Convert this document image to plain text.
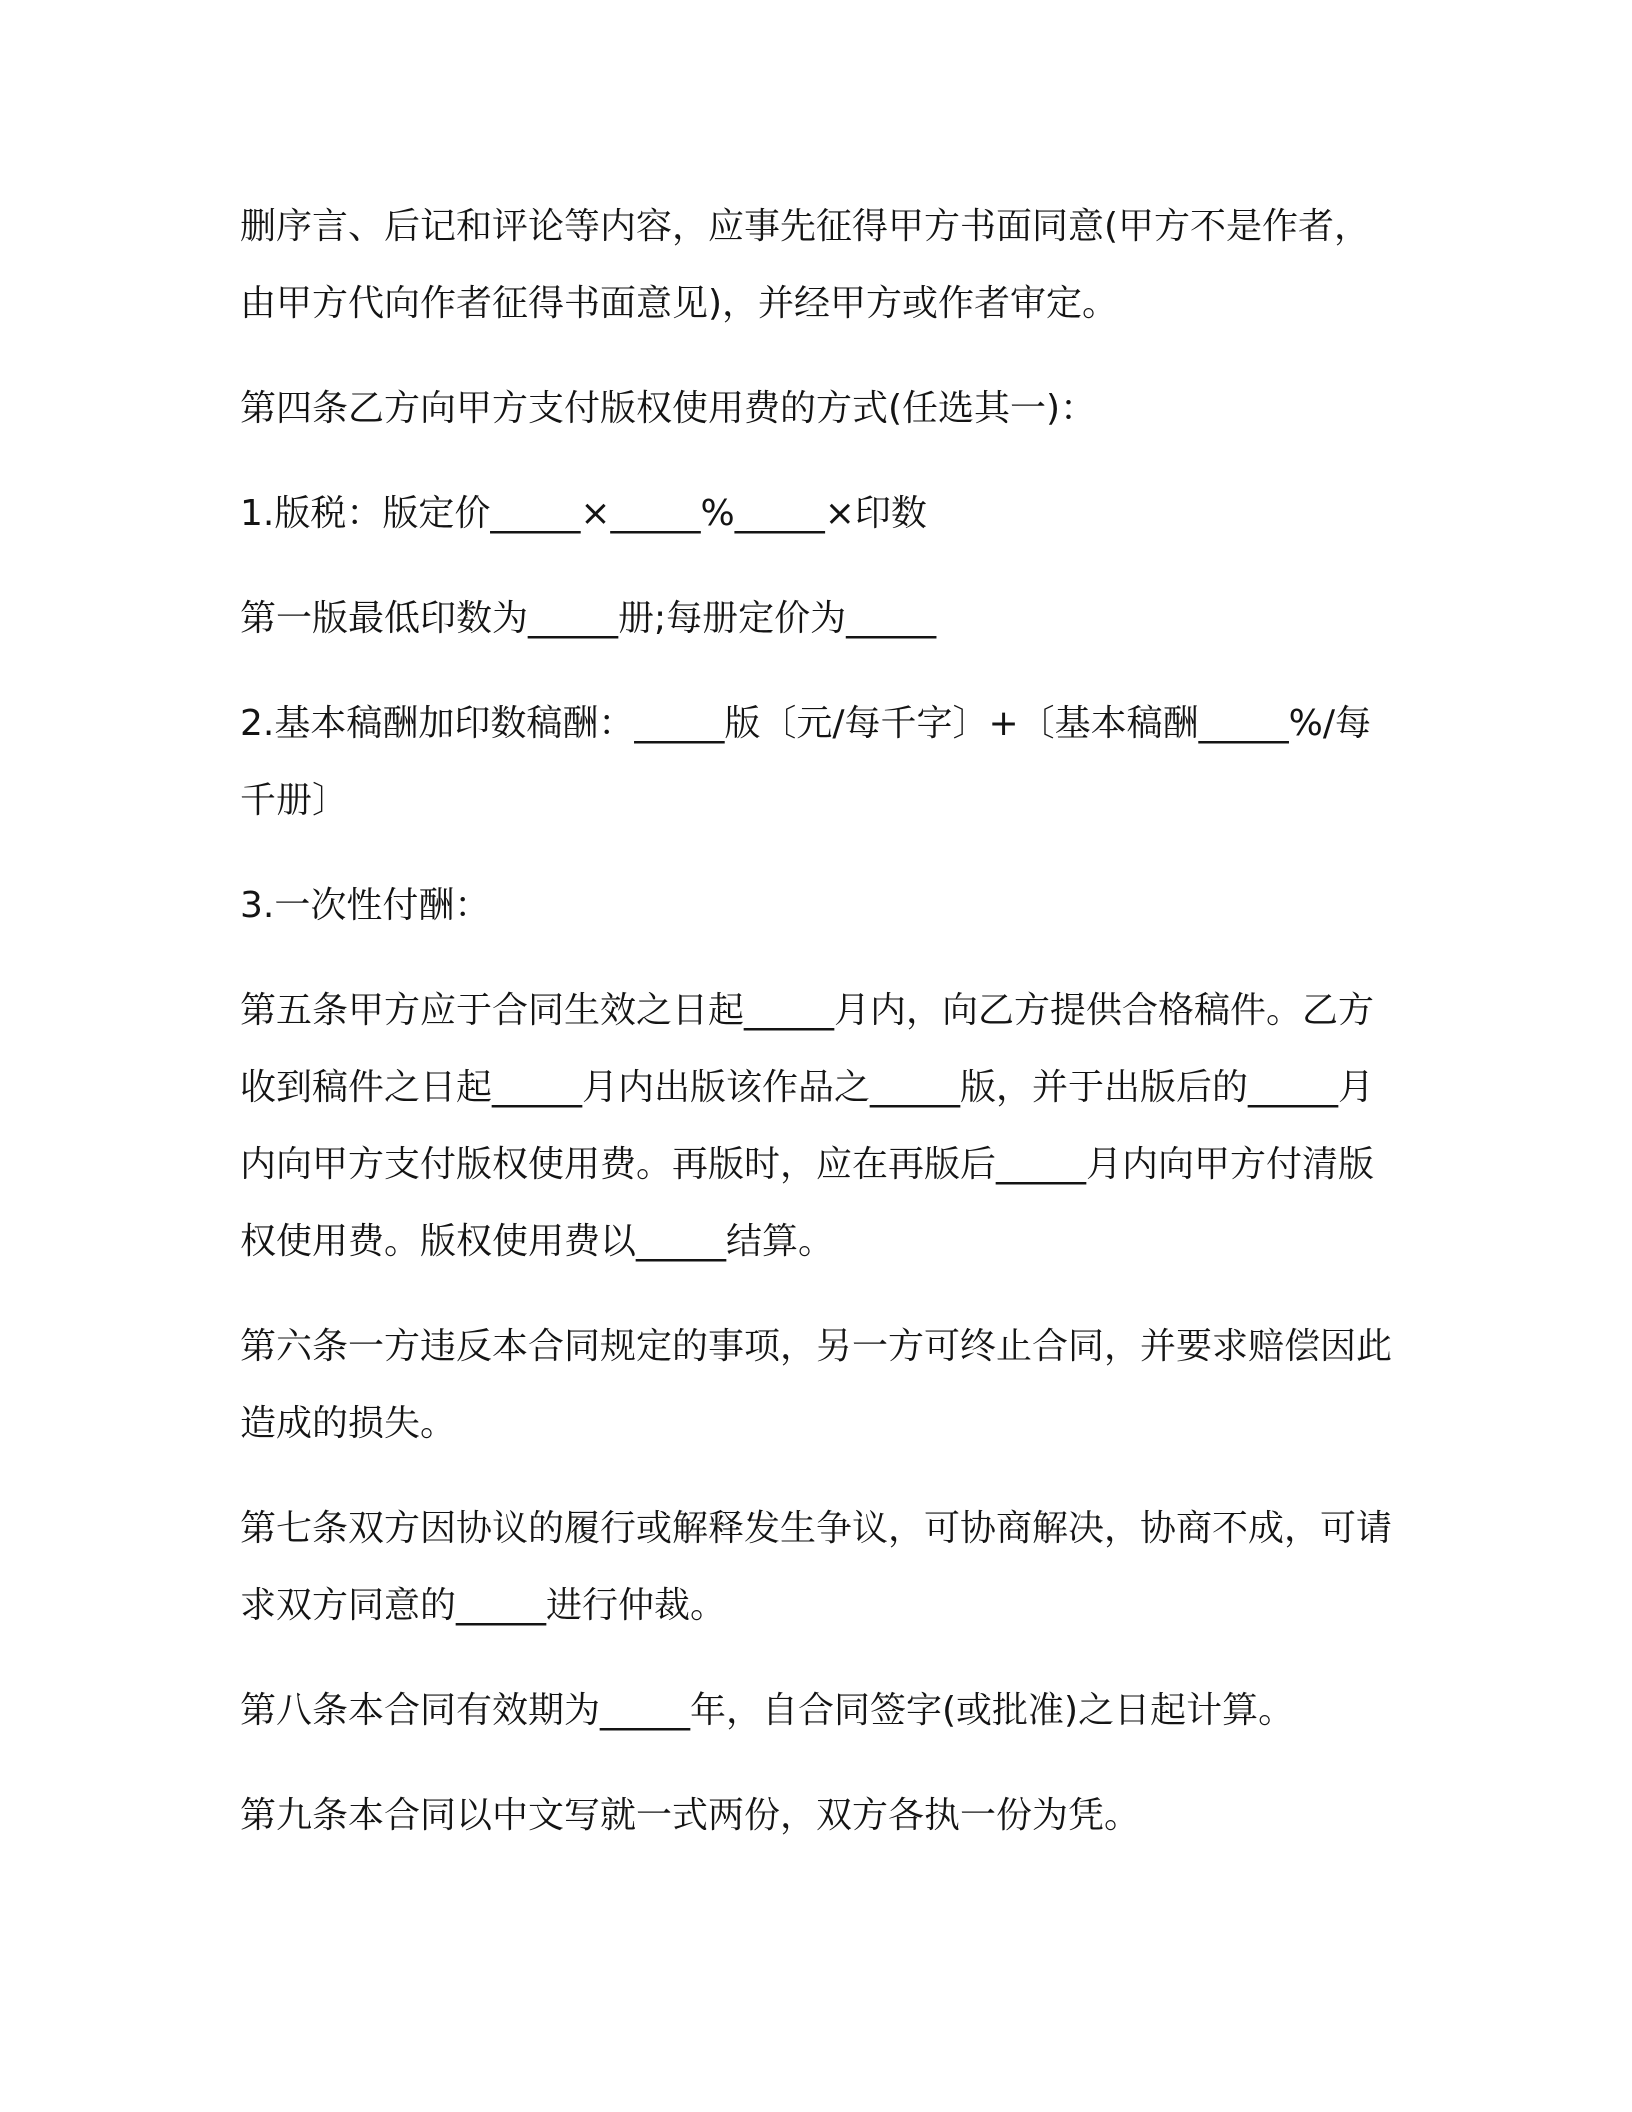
删序言、后记和评论等内容，应事先征得甲方书面同意(甲方不是作者，由甲方代向作者征得书面意见)，并经甲方或作者审定。

第四条乙方向甲方支付版权使用费的方式(任选其一)：

1.版税：版定价_____×_____%_____×印数

第一版最低印数为_____册;每册定价为_____

2.基本稿酬加印数稿酬：_____版〔元/每千字〕+〔基本稿酬_____%/每千册〕

3.一次性付酬：

第五条甲方应于合同生效之日起_____月内，向乙方提供合格稿件。乙方收到稿件之日起_____月内出版该作品之_____版，并于出版后的_____月内向甲方支付版权使用费。再版时，应在再版后_____月内向甲方付清版权使用费。版权使用费以_____结算。

第六条一方违反本合同规定的事项，另一方可终止合同，并要求赔偿因此造成的损失。

第七条双方因协议的履行或解释发生争议，可协商解决，协商不成，可请求双方同意的_____进行仲裁。

第八条本合同有效期为_____年，自合同签字(或批准)之日起计算。

第九条本合同以中文写就一式两份，双方各执一份为凭。
